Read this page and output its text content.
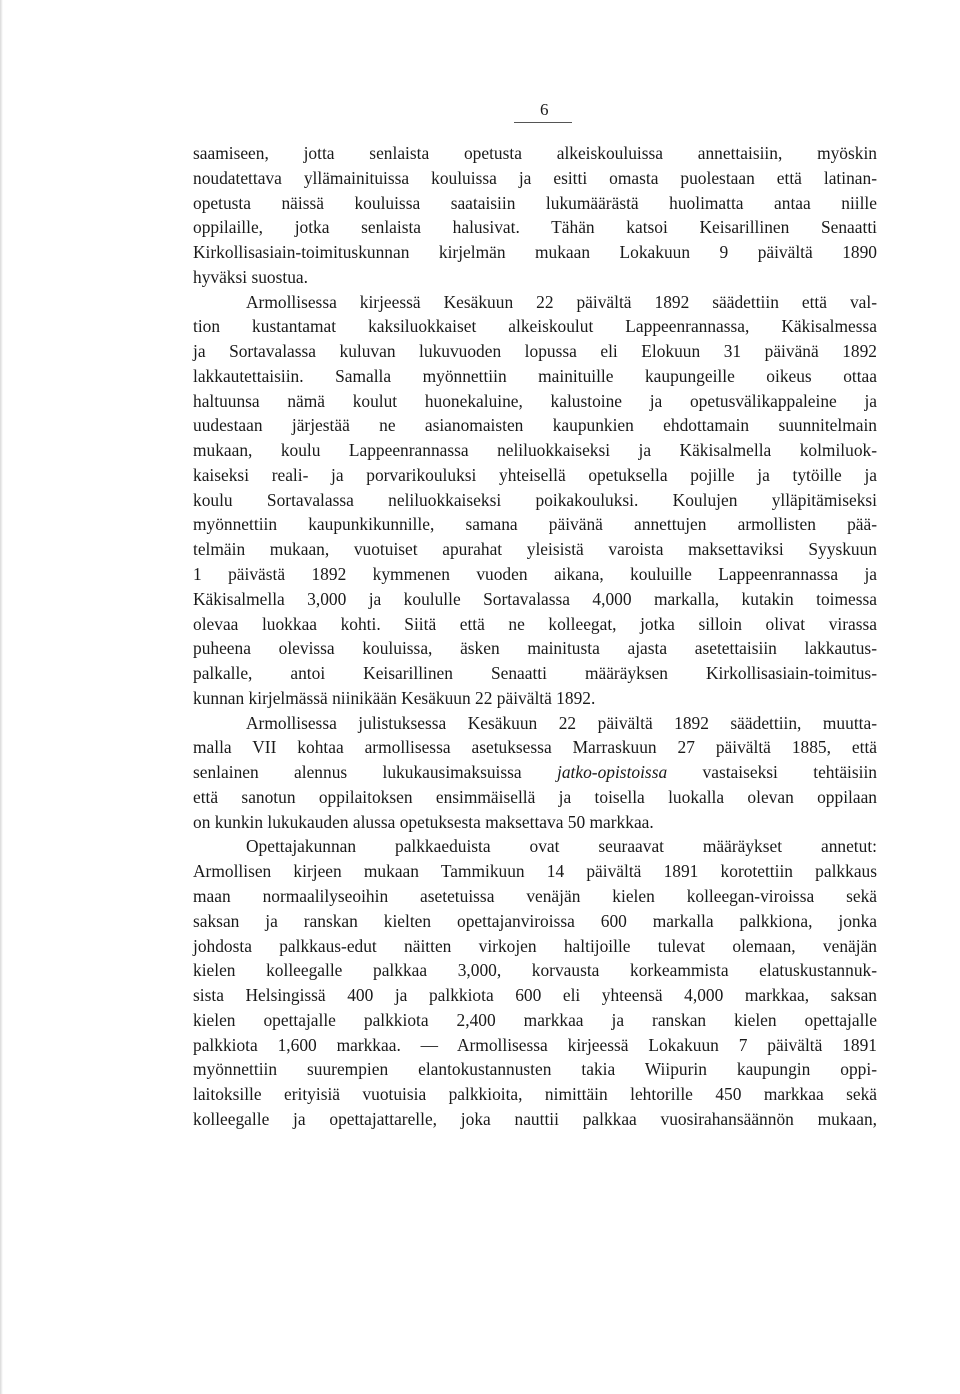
6
saamiseen, jotta senlaista opetusta alkeiskouluissa annettaisiin, myöskin
noudatettava yllämainituissa kouluissa ja esitti omasta puolestaan että latinan-
opetusta näissä kouluissa saataisiin lukumäärästä huolimatta antaa niille
oppilaille, jotka senlaista halusivat. Tähän katsoi Keisarillinen Senaatti
Kirkollisasiain-toimituskunnan kirjelmän mukaan Lokakuun 9 päivältä 1890
hyväksi suostua.
Armollisessa kirjeessä Kesäkuun 22 päivältä 1892 säädettiin että val-
tion kustantamat kaksiluokkaiset alkeiskoulut Lappeenrannassa, Käkisalmessa
ja Sortavalassa kuluvan lukuvuoden lopussa eli Elokuun 31 päivänä 1892
lakkautettaisiin. Samalla myönnettiin mainituille kaupungeille oikeus ottaa
haltuunsa nämä koulut huonekaluine, kalustoine ja opetusvälikappaleine ja
uudestaan järjestää ne asianomaisten kaupunkien ehdottamain suunnitelmain
mukaan, koulu Lappeenrannassa neliluokkaiseksi ja Käkisalmella kolmiluok-
kaiseksi reali- ja porvarikouluksi yhteisellä opetuksella pojille ja tytöille ja
koulu Sortavalassa neliluokkaiseksi poikakouluksi. Koulujen ylläpitämiseksi
myönnettiin kaupunkikunnille, samana päivänä annettujen armollisten pää-
telmäin mukaan, vuotuiset apurahat yleisistä varoista maksettaviksi Syyskuun
1 päivästä 1892 kymmenen vuoden aikana, kouluille Lappeenrannassa ja
Käkisalmella 3,000 ja koululle Sortavalassa 4,000 markalla, kutakin toimessa
olevaa luokkaa kohti. Siitä että ne kolleegat, jotka silloin olivat virassa
puheena olevissa kouluissa, äsken mainitusta ajasta asetettaisiin lakkautus-
palkalle, antoi Keisarillinen Senaatti määräyksen Kirkollisasiain-toimitus-
kunnan kirjelmässä niinikään Kesäkuun 22 päivältä 1892.
Armollisessa julistuksessa Kesäkuun 22 päivältä 1892 säädettiin, muutta-
malla VII kohtaa armollisessa asetuksessa Marraskuun 27 päivältä 1885, että
senlainen alennus lukukausimaksuissa jatko-opistoissa vastaiseksi tehtäisiin
että sanotun oppilaitoksen ensimmäisellä ja toisella luokalla olevan oppilaan
on kunkin lukukauden alussa opetuksesta maksettava 50 markkaa.
Opettajakunnan palkkaeduista ovat seuraavat määräykset annetut:
Armollisen kirjeen mukaan Tammikuun 14 päivältä 1891 korotettiin palkkaus
maan normaalilyseoihin asetetuissa venäjän kielen kolleegan-viroissa sekä
saksan ja ranskan kielten opettajanviroissa 600 markalla palkkiona, jonka
johdosta palkkaus-edut näitten virkojen haltijoille tulevat olemaan, venäjän
kielen kolleegalle palkkaa 3,000, korvausta korkeammista elatuskustannuk-
sista Helsingissä 400 ja palkkiota 600 eli yhteensä 4,000 markkaa, saksan
kielen opettajalle palkkiota 2,400 markkaa ja ranskan kielen opettajalle
palkkiota 1,600 markkaa. — Armollisessa kirjeessä Lokakuun 7 päivältä 1891
myönnettiin suurempien elantokustannusten takia Wiipurin kaupungin oppi-
laitoksille erityisiä vuotuisia palkkioita, nimittäin lehtorille 450 markkaa sekä
kolleegalle ja opettajattarelle, joka nauttii palkkaa vuosirahansäännön mukaan,
